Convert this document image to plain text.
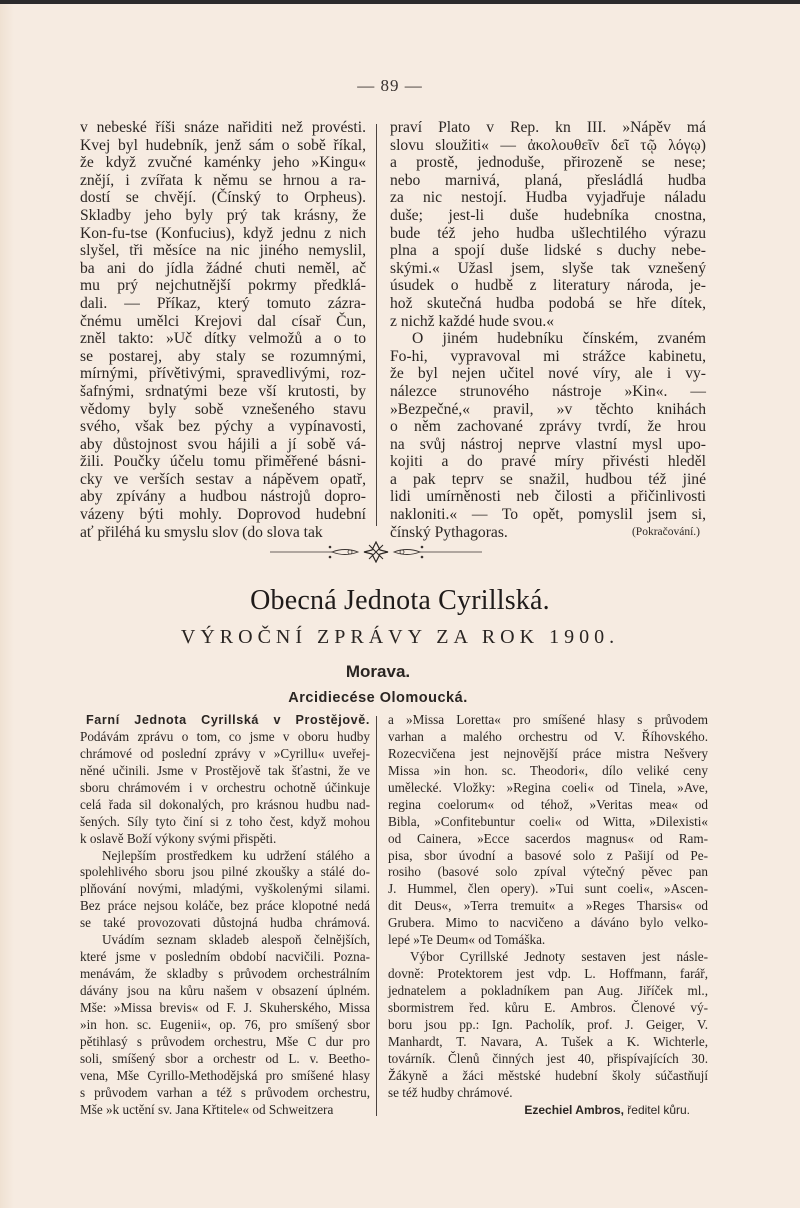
— 89 —
v nebeské říši snáze nařiditi než provésti.
Kvej byl hudebník, jenž sám o sobě říkal,
že když zvučné kaménky jeho »Kingu«
znějí, i zvířata k němu se hrnou a ra-
dostí se chvějí. (Čínský to Orpheus).
Skladby jeho byly prý tak krásny, že
Kon-fu-tse (Konfucius), když jednu z nich
slyšel, tři měsíce na nic jiného nemyslil,
ba ani do jídla žádné chuti neměl, ač
mu prý nejchutnější pokrmy předklá-
dali. — Příkaz, který tomuto zázra-
čnému umělci Krejovi dal císař Čun,
zněl takto: »Uč dítky velmožů a o to
se postarej, aby staly se rozumnými,
mírnými, přívětivými, spravedlivými, roz-
šafnými, srdnatými beze vší krutosti, by
vědomy byly sobě vznešeného stavu
svého, však bez pýchy a vypínavosti,
aby důstojnost svou hájili a jí sobě vá-
žili. Poučky účelu tomu přiměřené básni-
cky ve verších sestav a nápěvem opatř,
aby zpívány a hudbou nástrojů dopro-
vázeny býti mohly. Doprovod hudební
ať přiléhá ku smyslu slov (do slova tak
praví Plato v Rep. kn III. »Nápěv má
slovu sloužiti« — ἀκολουθεῖν δεῖ τῷ λόγῳ)
a prostě, jednoduše, přirozeně se nese;
nebo marnivá, planá, přesládlá hudba
za nic nestojí. Hudba vyjadřuje náladu
duše; jest-li duše hudebníka cnostna,
bude též jeho hudba ušlechtilého výrazu
plna a spojí duše lidské s duchy nebe-
skými.« Užasl jsem, slyše tak vznešený
úsudek o hudbě z literatury národa, je-
hož skutečná hudba podobá se hře dítek,
z nichž každé hude svou.«
O jiném hudebníku čínském, zvaném
Fo-hi, vypravoval mi strážce kabinetu,
že byl nejen učitel nové víry, ale i vy-
nálezce strunového nástroje »Kin«. —
»Bezpečné,« pravil, »v těchto knihách
o něm zachované zprávy tvrdí, že hrou
na svůj nástroj neprve vlastní mysl upo-
kojiti a do pravé míry přivésti hleděl
a pak teprv se snažil, hudbou též jiné
lidi umírněnosti neb čilosti a přičinlivosti
nakloniti.« — To opět, pomyslil jsem si,
čínský Pythagoras.	(Pokračování.)
Obecná Jednota Cyrillská.
VÝROČNÍ ZPRÁVY ZA ROK 1900.
Morava.
Arcidiecése Olomoucká.
Farní Jednota Cyrillská v Prostějově.
Podávám zprávu o tom, co jsme v oboru hudby
chrámové od poslední zprávy v »Cyrillu« uveřej-
něné učinili. Jsme v Prostějově tak šťastni, že ve
sboru chrámovém i v orchestru ochotně účinkuje
celá řada sil dokonalých, pro krásnou hudbu nad-
šených. Síly tyto činí si z toho čest, když mohou
k oslavě Boží výkony svými přispěti.
Nejlepším prostředkem ku udržení stálého a
spolehlivého sboru jsou pilné zkoušky a stálé do-
plňování novými, mladými, vyškolenými silami.
Bez práce nejsou koláče, bez práce klopotné nedá
se také provozovati důstojná hudba chrámová.
Uvádím seznam skladeb alespoň čelnějších,
které jsme v posledním období nacvičili. Pozna-
menávám, že skladby s průvodem orchestrálním
dávány jsou na kůru našem v obsazení úplném.
Mše: »Missa brevis« od F. J. Skuherského, Missa
»in hon. sc. Eugenii«, op. 76, pro smíšený sbor
pětihlasý s průvodem orchestru, Mše C dur pro
soli, smíšený sbor a orchestr od L. v. Beetho-
vena, Mše Cyrillo-Methodějská pro smíšené hlasy
s průvodem varhan a též s průvodem orchestru,
Mše »k uctění sv. Jana Křtitele« od Schweitzera
a »Missa Loretta« pro smíšené hlasy s průvodem
varhan a malého orchestru od V. Říhovského.
Rozecvičena jest nejnovější práce mistra Nešvery
Missa »in hon. sc. Theodori«, dílo veliké ceny
umělecké. Vložky: »Regina coeli« od Tinela, »Ave,
regina coelorum« od téhož, »Veritas mea« od
Bibla, »Confitebuntur coeli« od Witta, »Dilexisti«
od Cainera, »Ecce sacerdos magnus« od Ram-
pisa, sbor úvodní a basové solo z Pašijí od Pe-
rosiho (basové solo zpíval výtečný pěvec pan
J. Hummel, člen opery). »Tui sunt coeli«, »Ascen-
dit Deus«, »Terra tremuit« a »Reges Tharsis« od
Grubera. Mimo to nacvičeno a dáváno bylo velko-
lepé »Te Deum« od Tomáška.
Výbor Cyrillské Jednoty sestaven jest násle-
dovně: Protektorem jest vdp. L. Hoffmann, farář,
jednatelem a pokladníkem pan Aug. Jiříček ml.,
sbormistrem řed. kůru E. Ambros. Členové vý-
boru jsou pp.: Ign. Pacholík, prof. J. Geiger, V.
Manhardt, T. Navara, A. Tušek a K. Wichterle,
továrník. Členů činných jest 40, přispívajících 30.
Žákyně a žáci městské hudební školy súčastňují
se též hudby chrámové.
Ezechiel Ambros, ředitel kůru.
